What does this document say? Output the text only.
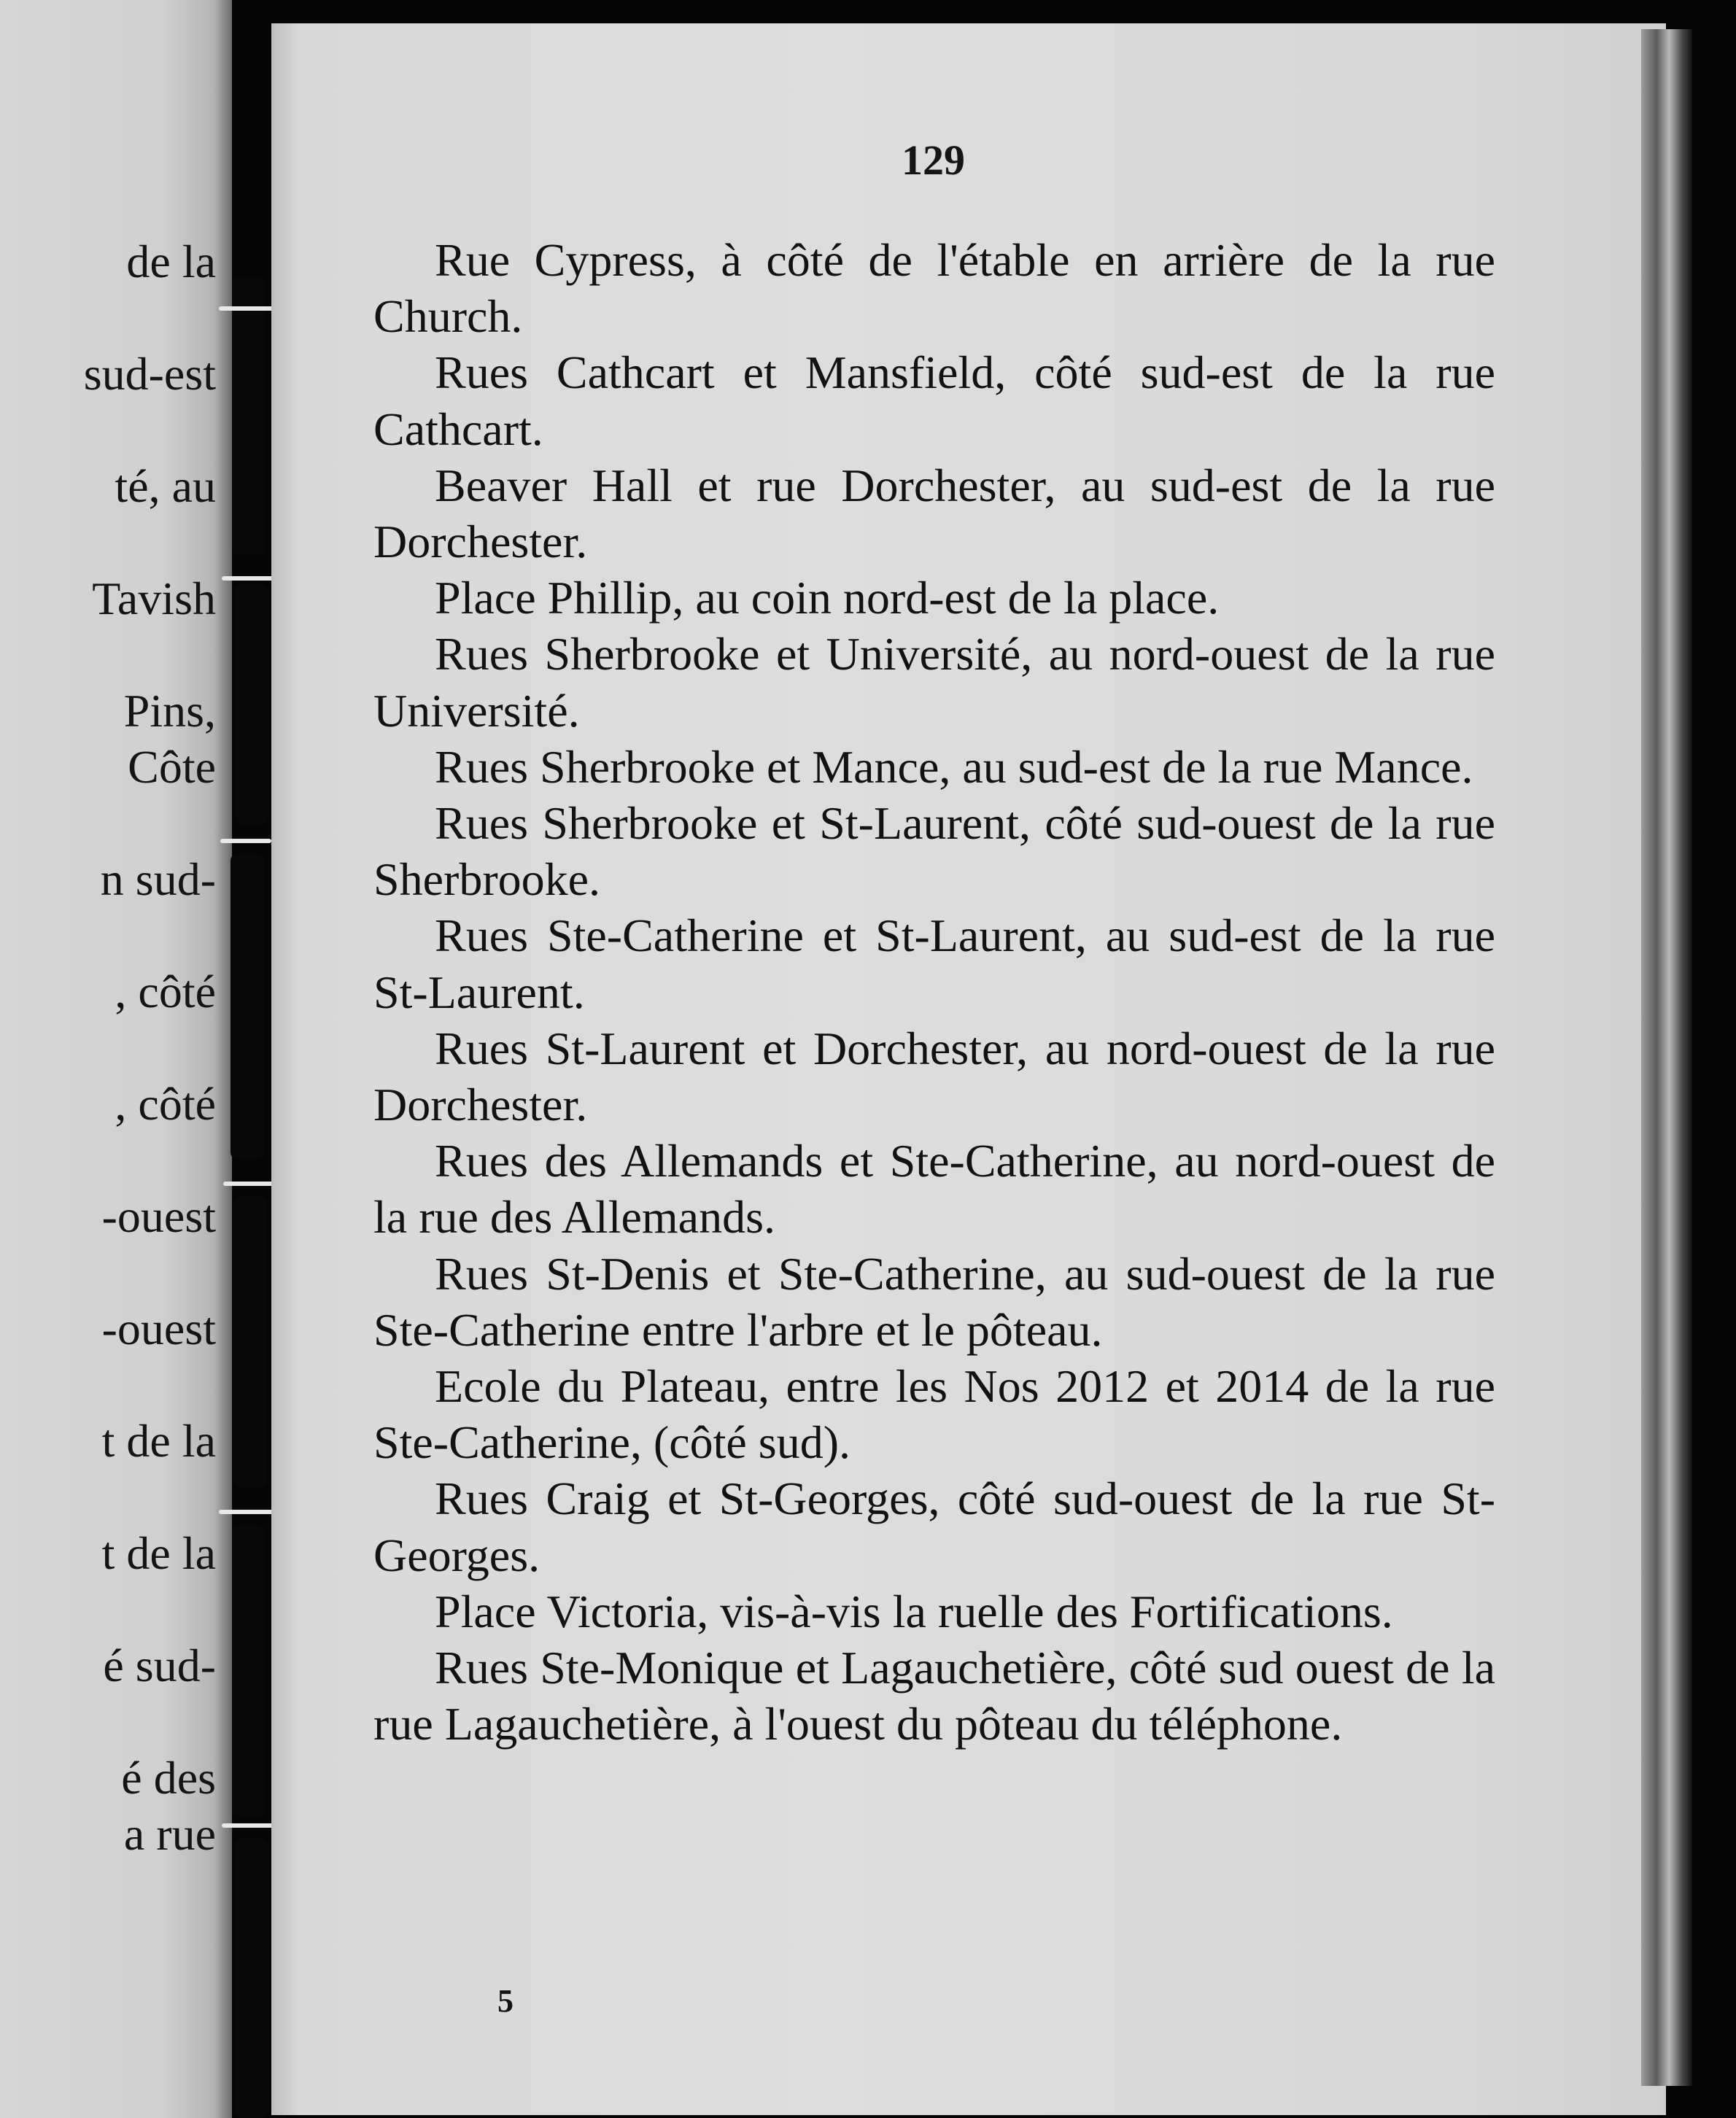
de la
sud-est
té, au
Tavish
Pins,
Côte
n sud-
, côté
, côté
-ouest
-ouest
t de la
t de la
é sud-
é des
a rue
129

Rue Cypress, à côté de l'étable en arrière de la rue Church.

Rues Cathcart et Mansfield, côté sud-est de la rue Cathcart.

Beaver Hall et rue Dorchester, au sud-est de la rue Dorchester.

Place Phillip, au coin nord-est de la place.

Rues Sherbrooke et Université, au nord-ouest de la rue Université.

Rues Sherbrooke et Mance, au sud-est de la rue Mance.

Rues Sherbrooke et St-Laurent, côté sud-ouest de la rue Sherbrooke.

Rues Ste-Catherine et St-Laurent, au sud-est de la rue St-Laurent.

Rues St-Laurent et Dorchester, au nord-ouest de la rue Dorchester.

Rues des Allemands et Ste-Catherine, au nord-ouest de la rue des Allemands.

Rues St-Denis et Ste-Catherine, au sud-ouest de la rue Ste-Catherine entre l'arbre et le pôteau.

Ecole du Plateau, entre les Nos 2012 et 2014 de la rue Ste-Catherine, (côté sud).

Rues Craig et St-Georges, côté sud-ouest de la rue St-Georges.

Place Victoria, vis-à-vis la ruelle des Fortifications.

Rues Ste-Monique et Lagauchetière, côté sud ouest de la rue Lagauchetière, à l'ouest du pôteau du téléphone.

5
